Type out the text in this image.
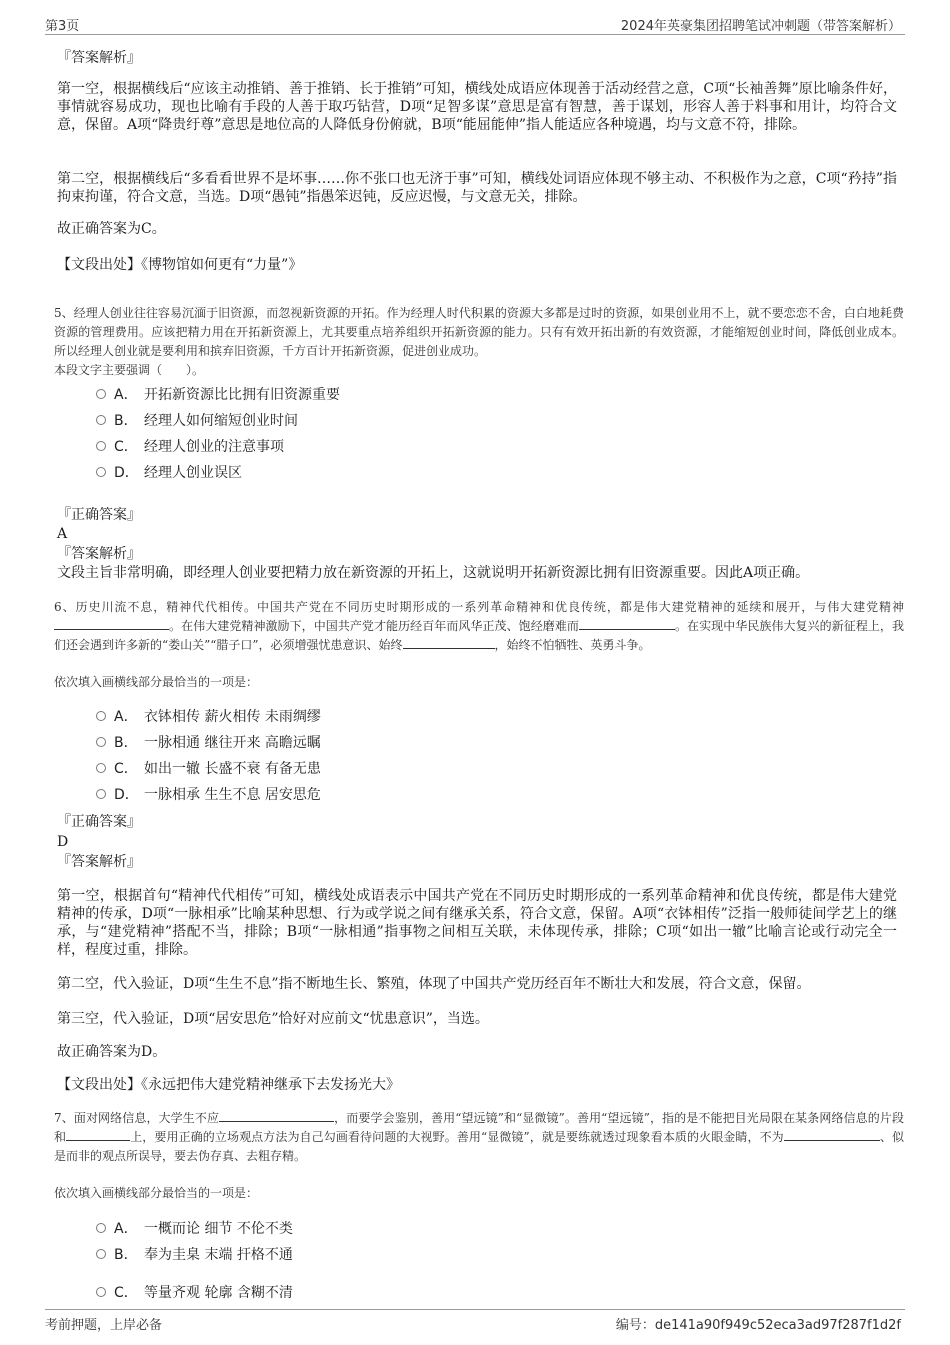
第3页	2024年英豪集团招聘笔试冲刺题（带答案解析）
『答案解析』
第一空，根据横线后“应该主动推销、善于推销、长于推销”可知，横线处成语应体现善于活动经营之意，C项“长袖善舞”原比喻条件好，事情就容易成功，现也比喻有手段的人善于取巧钻营，D项“足智多谋”意思是富有智慧，善于谋划，形容人善于料事和用计，均符合文意，保留。A项“降贵纡尊”意思是地位高的人降低身份俯就，B项“能屈能伸”指人能适应各种境遇，均与文意不符，排除。
第二空，根据横线后“多看看世界不是坏事……你不张口也无济于事”可知，横线处词语应体现不够主动、不积极作为之意，C项“矜持”指拘束拘谨，符合文意，当选。D项“愚钝”指愚笨迟钝，反应迟慢，与文意无关，排除。
故正确答案为C。
【文段出处】《博物馆如何更有“力量”》
5、经理人创业往往容易沉湎于旧资源，而忽视新资源的开拓。作为经理人时代积累的资源大多都是过时的资源，如果创业用不上，就不要恋恋不舍，白白地耗费资源的管理费用。应该把精力用在开拓新资源上，尤其要重点培养组织开拓新资源的能力。只有有效开拓出新的有效资源，才能缩短创业时间，降低创业成本。所以经理人创业就是要利用和摈弃旧资源，千方百计开拓新资源，促进创业成功。
本段文字主要强调（　　）。
A． 开拓新资源比比拥有旧资源重要
B． 经理人如何缩短创业时间
C． 经理人创业的注意事项
D． 经理人创业误区
『正确答案』
A
『答案解析』
文段主旨非常明确，即经理人创业要把精力放在新资源的开拓上，这就说明开拓新资源比拥有旧资源重要。因此A项正确。
6、历史川流不息，精神代代相传。中国共产党在不同历史时期形成的一系列革命精神和优良传统，都是伟大建党精神的延续和展开，与伟大建党精神。在伟大建党精神激励下，中国共产党才能历经百年而风华正茂、饱经磨难而	。在实现中华民族伟大复兴的新征程上，我们还会遇到许多新的“娄山关”“腊子口”，必须增强忧患意识、始终	，始终不怕牺牲、英勇斗争。
依次填入画横线部分最恰当的一项是：
A． 衣钵相传 薪火相传 未雨绸缪
B． 一脉相通 继往开来 高瞻远瞩
C． 如出一辙 长盛不衰 有备无患
D． 一脉相承 生生不息 居安思危
『正确答案』
D
『答案解析』
第一空，根据首句“精神代代相传”可知，横线处成语表示中国共产党在不同历史时期形成的一系列革命精神和优良传统，都是伟大建党精神的传承，D项“一脉相承”比喻某种思想、行为或学说之间有继承关系，符合文意，保留。A项“衣钵相传”泛指一般师徒间学艺上的继承，与“建党精神”搭配不当，排除；B项“一脉相通”指事物之间相互关联，未体现传承，排除；C项“如出一辙”比喻言论或行动完全一样，程度过重，排除。
第二空，代入验证，D项“生生不息”指不断地生长、繁殖，体现了中国共产党历经百年不断壮大和发展，符合文意，保留。
第三空，代入验证，D项“居安思危”恰好对应前文“忧患意识”，当选。
故正确答案为D。
【文段出处】《永远把伟大建党精神继承下去发扬光大》
7、面对网络信息，大学生不应	，而要学会鉴别，善用“望远镜”和“显微镜”。善用“望远镜”，指的是不能把目光局限在某条网络信息的片段和	上，要用正确的立场观点方法为自己勾画看待问题的大视野。善用“显微镜”，就是要练就透过现象看本质的火眼金睛，不为	、似是而非的观点所误导，要去伪存真、去粗存精。
依次填入画横线部分最恰当的一项是：
A． 一概而论 细节 不伦不类
B． 奉为圭臬 末端 扞格不通
C． 等量齐观 轮廓 含糊不清
考前押题，上岸必备	编号：de141a90f949c52eca3ad97f287f1d2f
